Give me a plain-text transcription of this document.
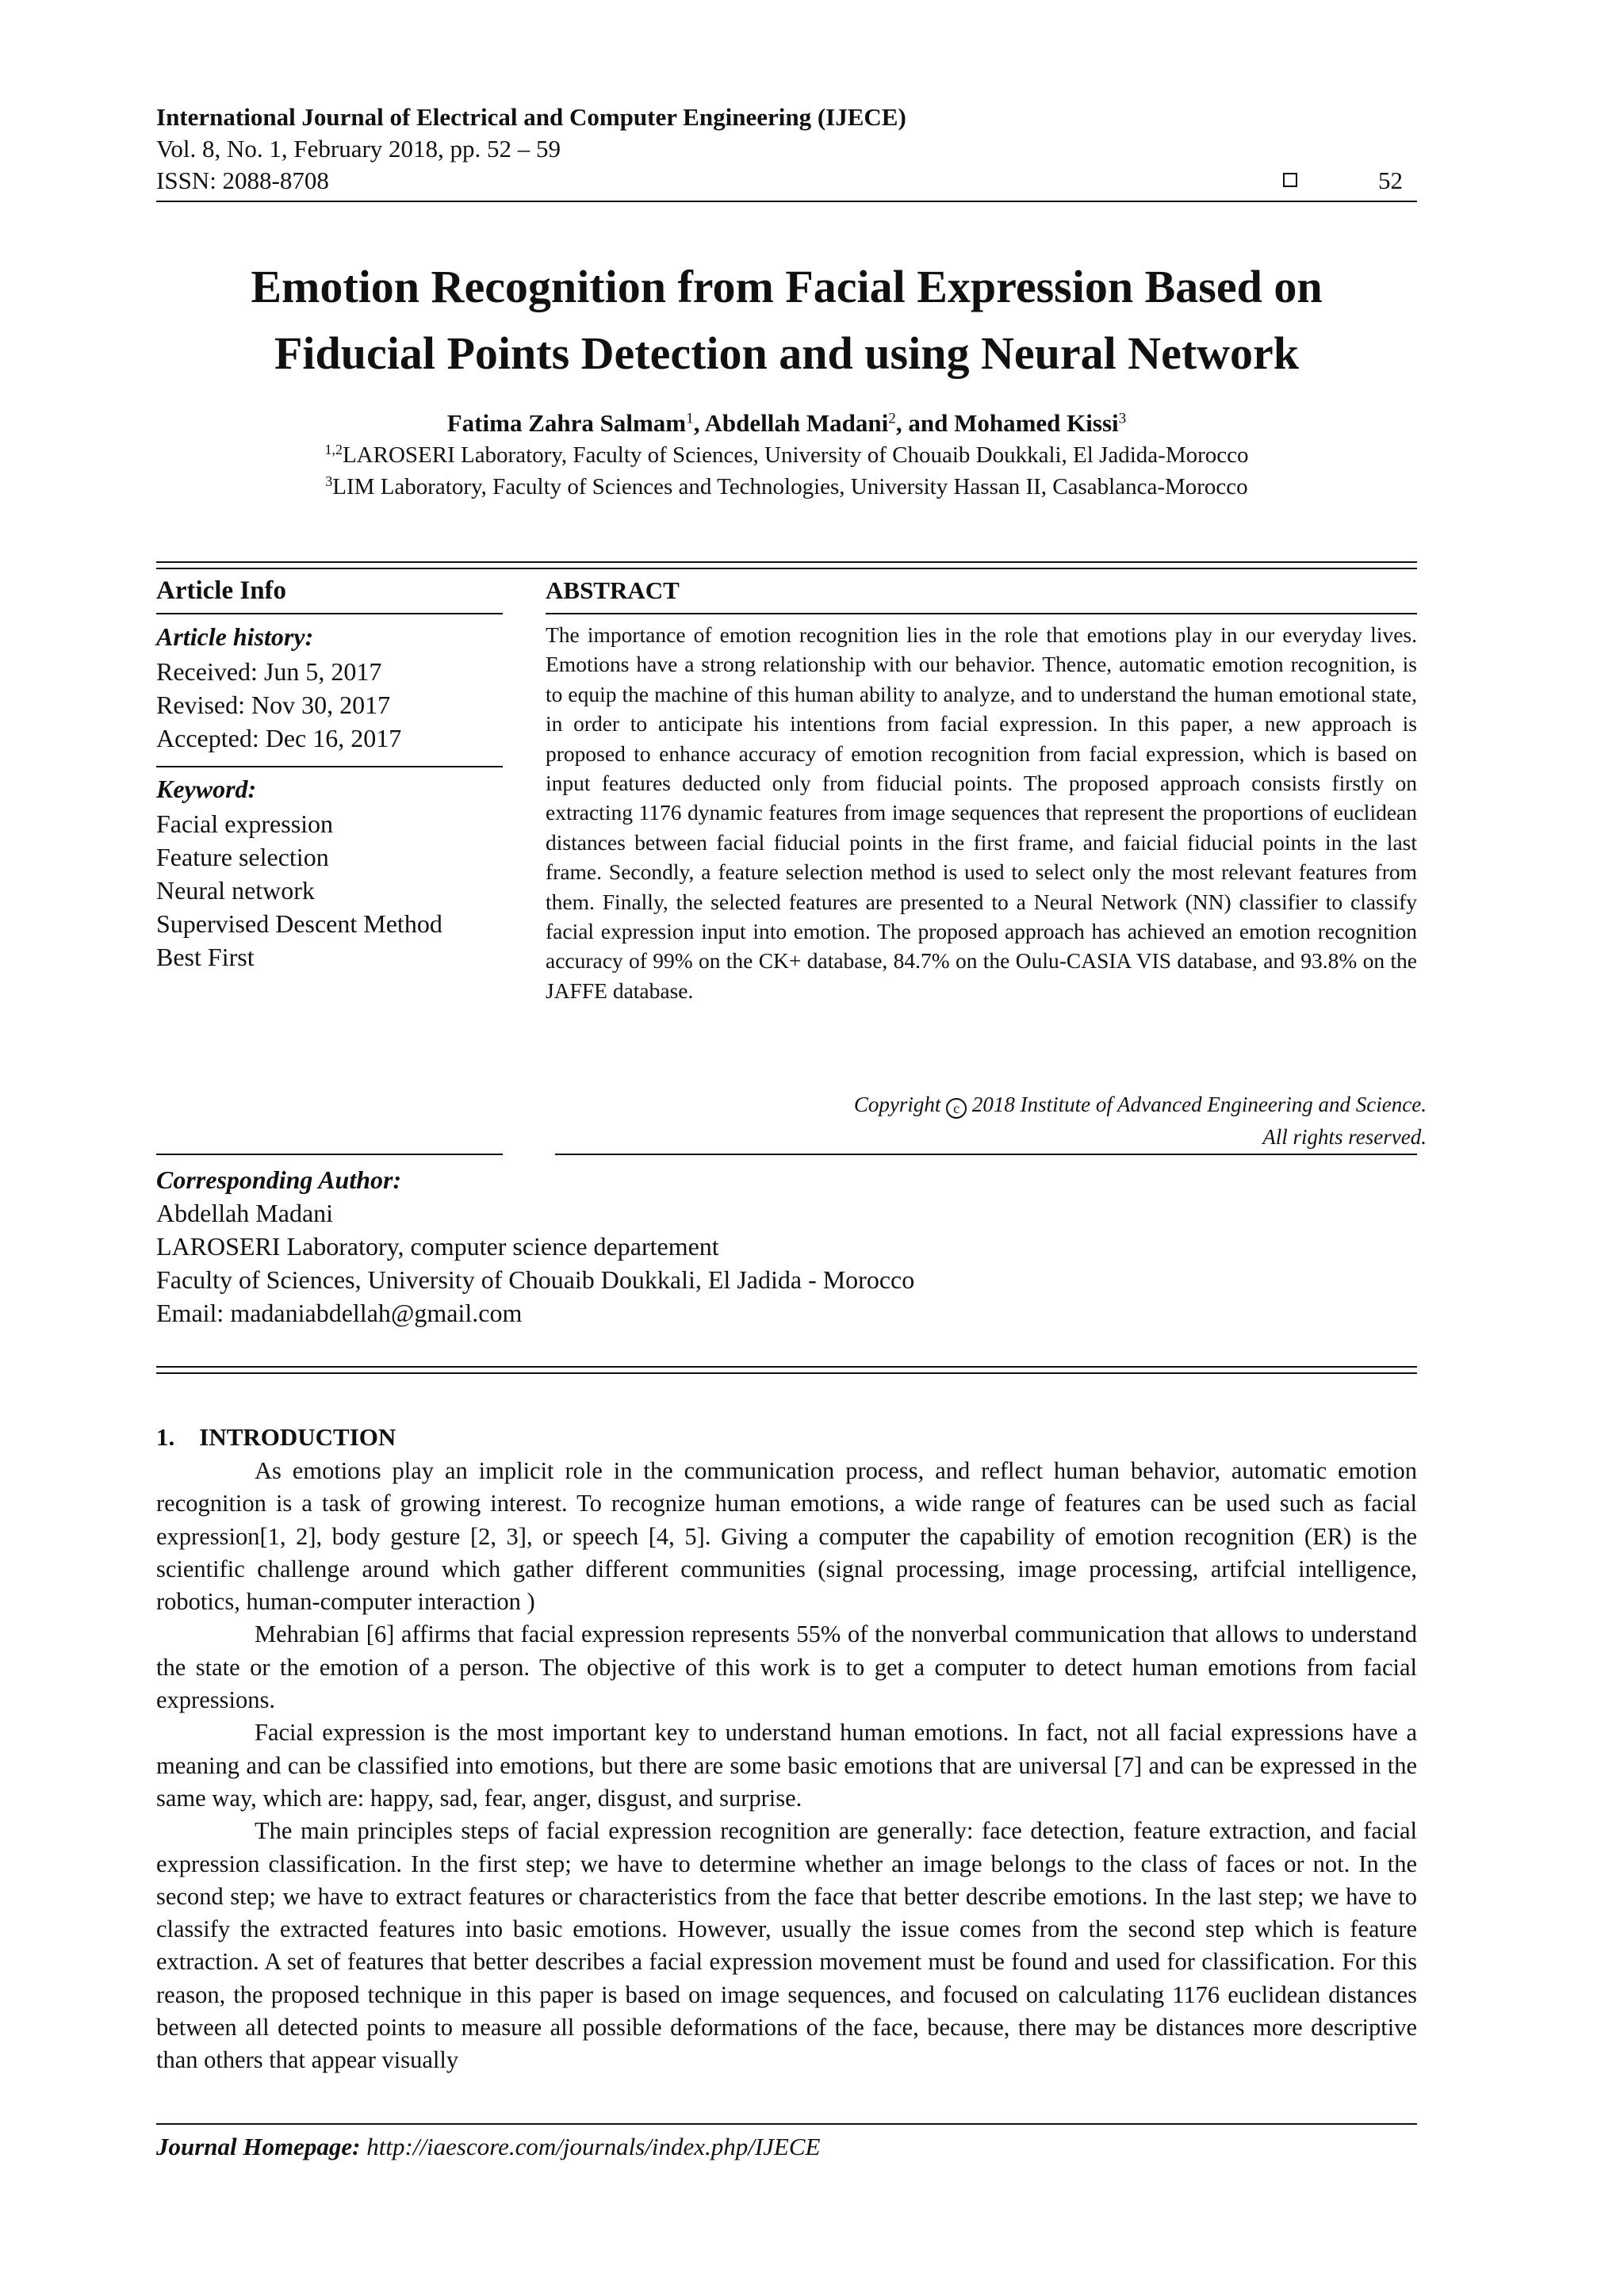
International Journal of Electrical and Computer Engineering (IJECE)
Vol. 8, No. 1, February 2018, pp. 52 – 59
ISSN: 2088-8708	52
Emotion Recognition from Facial Expression Based on
Fiducial Points Detection and using Neural Network
Fatima Zahra Salmam$^1$, Abdellah Madani$^2$, and Mohamed Kissi$^3$
$^{1,2}$LAROSERI Laboratory, Faculty of Sciences, University of Chouaib Doukkali, El Jadida-Morocco
$^3$LIM Laboratory, Faculty of Sciences and Technologies, University Hassan II, Casablanca-Morocco
Article Info
Article history:
Received: Jun 5, 2017
Revised: Nov 30, 2017
Accepted: Dec 16, 2017
Keyword:
Facial expression
Feature selection
Neural network
Supervised Descent Method
Best First
ABSTRACT
The importance of emotion recognition lies in the role that emotions play in our everyday lives. Emotions have a strong relationship with our behavior. Thence, automatic emotion recognition, is to equip the machine of this human ability to analyze, and to understand the human emotional state, in order to anticipate his intentions from facial expression. In this paper, a new approach is proposed to enhance accuracy of emotion recognition from facial expression, which is based on input features deducted only from fiducial points. The proposed approach consists firstly on extracting 1176 dynamic features from image sequences that represent the proportions of euclidean distances between facial fiducial points in the first frame, and faicial fiducial points in the last frame. Secondly, a feature selection method is used to select only the most relevant features from them. Finally, the selected features are presented to a Neural Network (NN) classifier to classify facial expression input into emotion. The proposed approach has achieved an emotion recognition accuracy of 99% on the CK+ database, 84.7% on the Oulu-CASIA VIS database, and 93.8% on the JAFFE database.
Copyright c 2018 Institute of Advanced Engineering and Science.
All rights reserved.
Corresponding Author:
Abdellah Madani
LAROSERI Laboratory, computer science departement
Faculty of Sciences, University of Chouaib Doukkali, El Jadida - Morocco
Email: madaniabdellah@gmail.com
1.    INTRODUCTION

As emotions play an implicit role in the communication process, and reflect human behavior, automatic emotion recognition is a task of growing interest. To recognize human emotions, a wide range of features can be used such as facial expression[1, 2], body gesture [2, 3], or speech [4, 5]. Giving a computer the capability of emotion recognition (ER) is the scientific challenge around which gather different communities (signal processing, image processing, artifcial intelligence, robotics, human-computer interaction )

Mehrabian [6] affirms that facial expression represents 55% of the nonverbal communication that allows to understand the state or the emotion of a person. The objective of this work is to get a computer to detect human emotions from facial expressions.

Facial expression is the most important key to understand human emotions. In fact, not all facial expressions have a meaning and can be classified into emotions, but there are some basic emotions that are universal [7] and can be expressed in the same way, which are: happy, sad, fear, anger, disgust, and surprise.

The main principles steps of facial expression recognition are generally: face detection, feature extraction, and facial expression classification. In the first step; we have to determine whether an image belongs to the class of faces or not. In the second step; we have to extract features or characteristics from the face that better describe emotions. In the last step; we have to classify the extracted features into basic emotions. However, usually the issue comes from the second step which is feature extraction. A set of features that better describes a facial expression movement must be found and used for classification. For this reason, the proposed technique in this paper is based on image sequences, and focused on calculating 1176 euclidean distances between all detected points to measure all possible deformations of the face, because, there may be distances more descriptive than others that appear visually

Journal Homepage: http://iaescore.com/journals/index.php/IJECE
